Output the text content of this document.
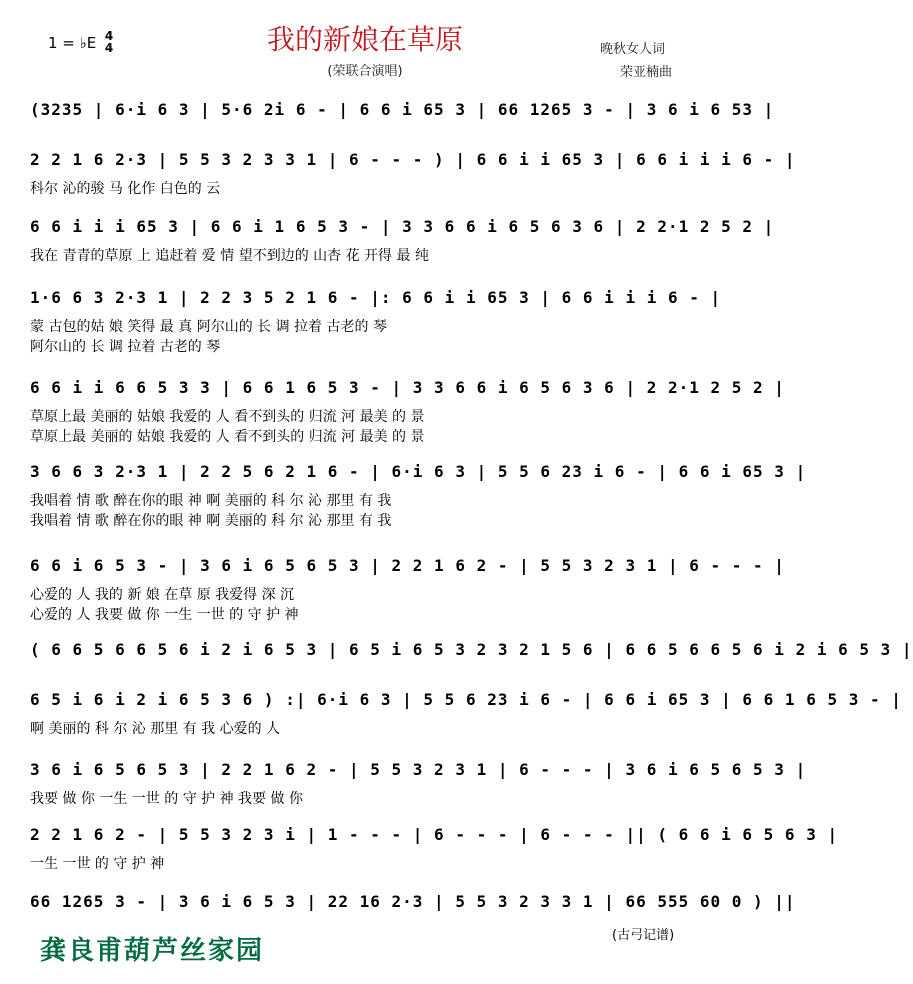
1 = ♭E 4
4	我的新娘在草原
(荣联合演唱)
晚秋女人词
荣亚楠曲
(3235 | 6·i 6 3 | 5·6 2i 6 - | 6 6 i 65 3 | 66 1265 3 - | 3 6 i 6 53 |
2 2 1 6 2·3 | 5 5 3 2 3 3 1 | 6 - - - ) | 6 6 i i 65 3 | 6 6 i i i 6 - |
科尔 沁的骏 马 化作 白色的 云
6 6 i i i 65 3 | 6 6 i 1 6 5 3 - | 3 3 6 6 i 6 5 6 3 6 | 2 2·1 2 5 2 |
我在 青青的草原 上 追赶着 爱 情 望不到边的 山杏 花 开得 最 纯
1·6 6 3 2·3 1 | 2 2 3 5 2 1 6 - |: 6 6 i i 65 3 | 6 6 i i i 6 - |
蒙 古包的姑 娘 笑得 最 真 阿尔山的 长 调 拉着 古老的 琴
阿尔山的 长 调 拉着 古老的 琴
6 6 i i 6 6 5 3 3 | 6 6 1 6 5 3 - | 3 3 6 6 i 6 5 6 3 6 | 2 2·1 2 5 2 |
草原上最 美丽的 姑娘 我爱的 人 看不到头的 归流 河 最美 的 景
草原上最 美丽的 姑娘 我爱的 人 看不到头的 归流 河 最美 的 景
3 6 6 3 2·3 1 | 2 2 5 6 2 1 6 - | 6·i 6 3 | 5 5 6 23 i 6 - | 6 6 i 65 3 |
我唱着 情 歌 醉在你的眼 神 啊 美丽的 科 尔 沁 那里 有 我
我唱着 情 歌 醉在你的眼 神 啊 美丽的 科 尔 沁 那里 有 我
6 6 i 6 5 3 - | 3 6 i 6 5 6 5 3 | 2 2 1 6 2 - | 5 5 3 2 3 1 | 6 - - - |
心爱的 人 我的 新 娘 在草 原 我爱得 深 沉
心爱的 人 我要 做 你 一生 一世 的 守 护 神
( 6 6 5 6 6 5 6 i 2 i 6 5 3 | 6 5 i 6 5 3 2 3 2 1 5 6 | 6 6 5 6 6 5 6 i 2 i 6 5 3 |
6 5 i 6 i 2 i 6 5 3 6 ) :| 6·i 6 3 | 5 5 6 23 i 6 - | 6 6 i 65 3 | 6 6 1 6 5 3 - |
啊 美丽的 科 尔 沁 那里 有 我 心爱的 人
3 6 i 6 5 6 5 3 | 2 2 1 6 2 - | 5 5 3 2 3 1 | 6 - - - | 3 6 i 6 5 6 5 3 |
我要 做 你 一生 一世 的 守 护 神 我要 做 你
2 2 1 6 2 - | 5 5 3 2 3 i | 1 - - - | 6 - - - | 6 - - - || ( 6 6 i 6 5 6 3 |
一生 一世 的 守 护 神
66 1265 3 - | 3 6 i 6 5 3 | 22 16 2·3 | 5 5 3 2 3 3 1 | 66 555 60 0 ) ||
(古弓记谱)
龚良甫葫芦丝家园
